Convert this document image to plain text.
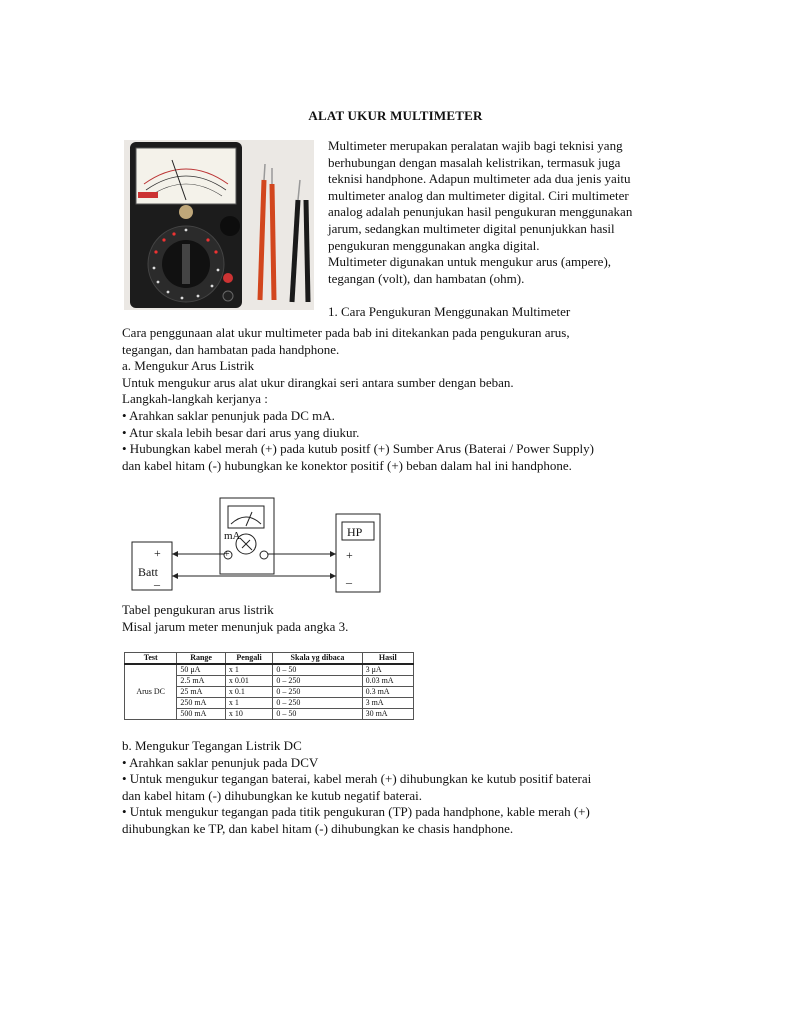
ALAT UKUR MULTIMETER

Multimeter merupakan peralatan wajib bagi teknisi yang

berhubungan dengan masalah kelistrikan, termasuk juga

teknisi handphone. Adapun multimeter ada dua jenis yaitu

multimeter analog dan multimeter digital. Ciri multimeter

analog adalah penunjukan hasil pengukuran menggunakan

jarum, sedangkan multimeter digital penunjukkan hasil

pengukuran menggunakan angka digital.

Multimeter digunakan untuk mengukur arus (ampere),

tegangan (volt), dan hambatan (ohm).

1. Cara Pengukuran Menggunakan Multimeter

Cara penggunaan alat ukur multimeter pada bab ini ditekankan pada pengukuran arus,

tegangan, dan hambatan pada handphone.

a. Mengukur Arus Listrik

Untuk mengukur arus alat ukur dirangkai seri antara sumber dengan beban.

Langkah-langkah kerjanya :

• Arahkan saklar penunjuk pada DC mA.

• Atur skala lebih besar dari arus yang diukur.

• Hubungkan kabel merah (+) pada kutub positf (+) Sumber Arus (Baterai / Power Supply)

dan kabel hitam (-) hubungkan ke konektor positif (+) beban dalam hal ini handphone.

Batt
+
_
mA
+
HP
+
_

Tabel pengukuran arus listrik

Misal jarum meter menunjuk pada angka 3.

Test	Range	Pengali	Skala yg dibaca	Hasil
Arus DC	50 μA	x 1	0 – 50	3 μA
	2.5 mA	x 0.01	0 – 250	0.03 mA
	25 mA	x 0.1	0 – 250	0.3 mA
	250 mA	x 1	0 – 250	3 mA
	500 mA	x 10	0 – 50	30 mA

b. Mengukur Tegangan Listrik DC

• Arahkan saklar penunjuk pada DCV

• Untuk mengukur tegangan baterai, kabel merah (+) dihubungkan ke kutub positif baterai

dan kabel hitam (-) dihubungkan ke kutub negatif baterai.

• Untuk mengukur tegangan pada titik pengukuran (TP) pada handphone, kable merah (+)

dihubungkan ke TP, dan kabel hitam (-) dihubungkan ke chasis handphone.
